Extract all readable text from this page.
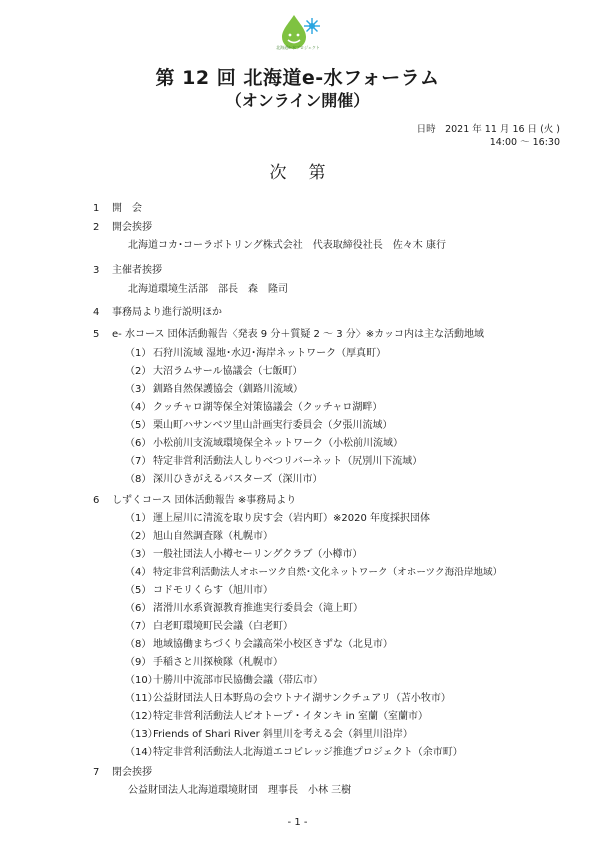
北海道e-水プロジェクト
第 12 回 北海道e-水フォーラム
（オンライン開催）
日時　2021 年 11 月 16 日 (火 )
14:00 ～ 16:30
次第
1 開　会
2 開会挨拶
北海道コカ･コーラボトリング株式会社　代表取締役社長　佐々木 康行
3 主催者挨拶
北海道環境生活部　部長　森　隆司
4 事務局より進行説明ほか
5 e- 水コース 団体活動報告〈発表 9 分＋質疑 2 ～ 3 分〉※カッコ内は主な活動地域
（1） 石狩川流域 湿地･水辺･海岸ネットワーク（厚真町）
（2） 大沼ラムサール協議会（七飯町）
（3） 釧路自然保護協会（釧路川流域）
（4） クッチャロ湖等保全対策協議会（クッチャロ湖畔）
（5） 栗山町ハサンベツ里山計画実行委員会（夕張川流域）
（6） 小松前川支流域環境保全ネットワーク（小松前川流域）
（7） 特定非営利活動法人しりべつリバーネット（尻別川下流域）
（8） 深川ひきがえるバスターズ（深川市）
6 しずくコース 団体活動報告 ※事務局より
（1） 運上屋川に清流を取り戻す会（岩内町）※2020 年度採択団体
（2） 旭山自然調査隊（札幌市）
（3） 一般社団法人小樽セーリングクラブ（小樽市）
（4） 特定非営利活動法人オホーツク自然･文化ネットワーク（オホーツク海沿岸地域）
（5） コドモリくらす（旭川市）
（6） 渚滑川水系資源教育推進実行委員会（滝上町）
（7） 白老町環境町民会議（白老町）
（8） 地域協働まちづくり会議高栄小校区きずな（北見市）
（9） 手稲さと川探検隊（札幌市）
（10）
十勝川中流部市民協働会議（帯広市）
（11）
公益財団法人日本野鳥の会ウトナイ湖サンクチュアリ（苫小牧市）
（12）
特定非営利活動法人ビオトープ・イタンキ in 室蘭（室蘭市）
（13）
Friends of Shari River 斜里川を考える会（斜里川沿岸）
（14）
特定非営利活動法人北海道エコビレッジ推進プロジェクト（余市町）
7 閉会挨拶
公益財団法人北海道環境財団　理事長　小林 三樹
- 1 -
